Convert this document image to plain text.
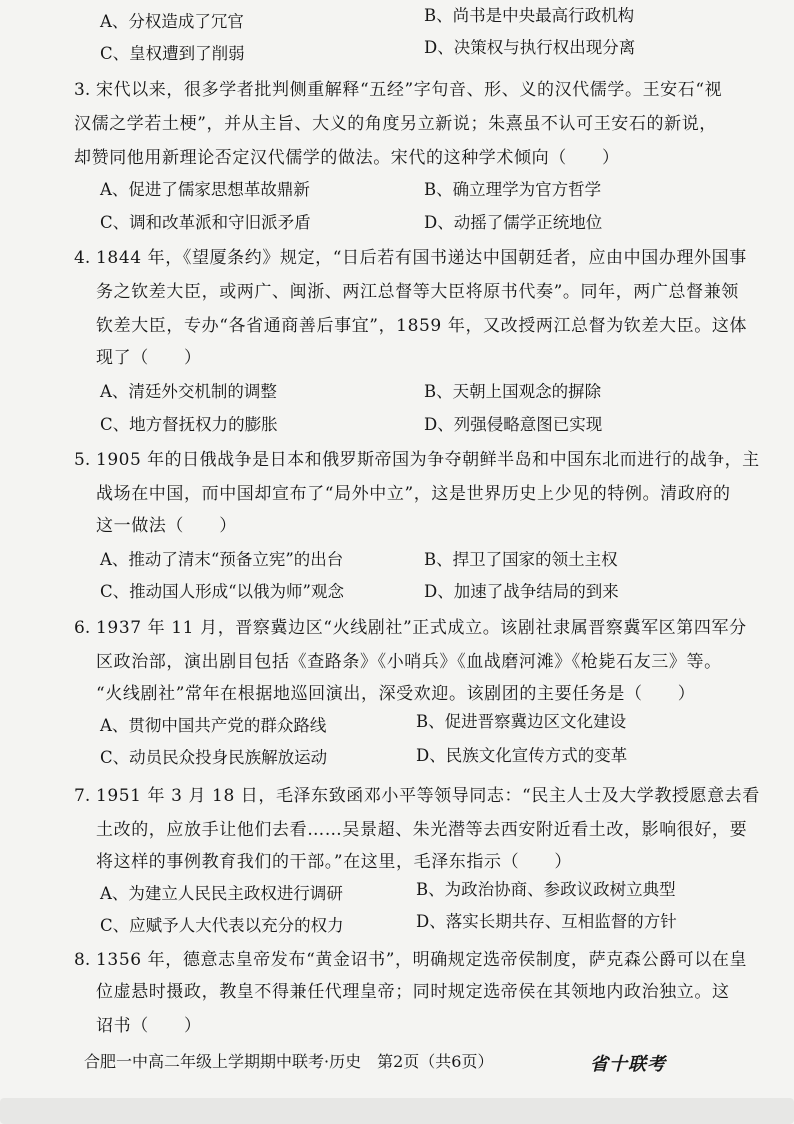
A、分权造成了冗官	B、尚书是中央最高行政机构
C、皇权遭到了削弱	D、决策权与执行权出现分离
3. 宋代以来，很多学者批判侧重解释“五经”字句音、形、义的汉代儒学。王安石“视
汉儒之学若土梗”，并从主旨、大义的角度另立新说；朱熹虽不认可王安石的新说，
却赞同他用新理论否定汉代儒学的做法。宋代的这种学术倾向（　　）
A、促进了儒家思想革故鼎新	B、确立理学为官方哲学
C、调和改革派和守旧派矛盾	D、动摇了儒学正统地位
4. 1844 年，《望厦条约》规定，“日后若有国书递达中国朝廷者，应由中国办理外国事
务之钦差大臣，或两广、闽浙、两江总督等大臣将原书代奏”。同年，两广总督兼领
钦差大臣，专办“各省通商善后事宜”，1859 年，又改授两江总督为钦差大臣。这体
现了（　　）
A、清廷外交机制的调整	B、天朝上国观念的摒除
C、地方督抚权力的膨胀	D、列强侵略意图已实现
5. 1905 年的日俄战争是日本和俄罗斯帝国为争夺朝鲜半岛和中国东北而进行的战争，主
战场在中国，而中国却宣布了“局外中立”，这是世界历史上少见的特例。清政府的
这一做法（　　）
A、推动了清末“预备立宪”的出台	B、捍卫了国家的领土主权
C、推动国人形成“以俄为师”观念	D、加速了战争结局的到来
6. 1937 年 11 月，晋察冀边区“火线剧社”正式成立。该剧社隶属晋察冀军区第四军分
区政治部，演出剧目包括《查路条》《小哨兵》《血战磨河滩》《枪毙石友三》等。
“火线剧社”常年在根据地巡回演出，深受欢迎。该剧团的主要任务是（　　）
A、贯彻中国共产党的群众路线	B、促进晋察冀边区文化建设
C、动员民众投身民族解放运动	D、民族文化宣传方式的变革
7. 1951 年 3 月 18 日，毛泽东致函邓小平等领导同志：“民主人士及大学教授愿意去看
土改的，应放手让他们去看……吴景超、朱光潜等去西安附近看土改，影响很好，要
将这样的事例教育我们的干部。”在这里，毛泽东指示（　　）
A、为建立人民民主政权进行调研	B、为政治协商、参政议政树立典型
C、应赋予人大代表以充分的权力	D、落实长期共存、互相监督的方针
8. 1356 年，德意志皇帝发布“黄金诏书”，明确规定选帝侯制度，萨克森公爵可以在皇
位虚悬时摄政，教皇不得兼任代理皇帝；同时规定选帝侯在其领地内政治独立。这
诏书（　　）
合肥一中高二年级上学期期中联考·历史　第2页（共6页）	省十联考
